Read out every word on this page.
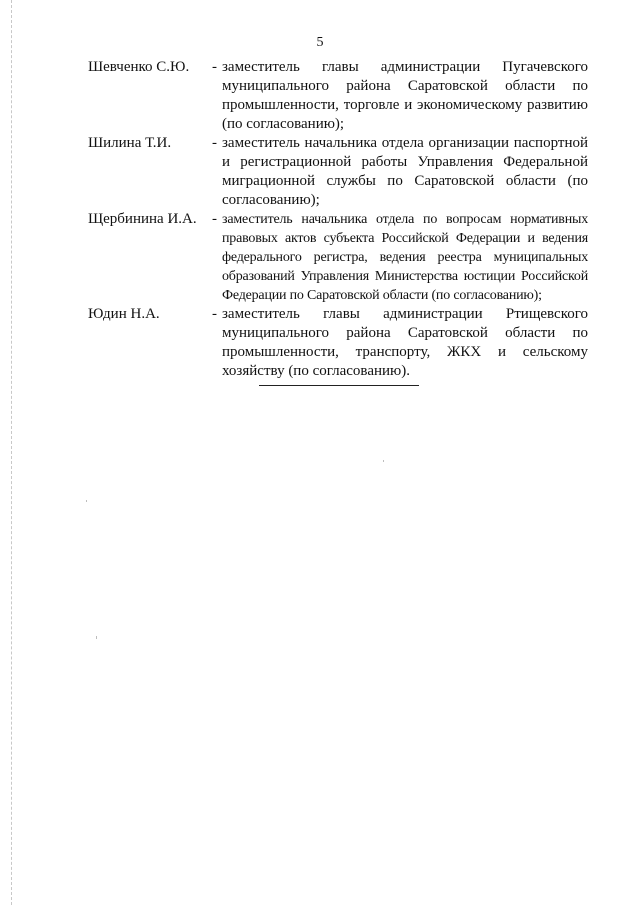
5
Шевченко С.Ю.	- заместитель главы администрации Пугачевского муниципального района Саратовской области по промышленности, торговле и экономическому развитию (по согласованию);
Шилина Т.И.	- заместитель начальника отдела организации паспортной и регистрационной работы Управления Федеральной миграционной службы по Саратовской области (по согласованию);
Щербинина И.А.	- заместитель начальника отдела по вопросам нормативных правовых актов субъекта Российской Федерации и ведения федерального регистра, ведения реестра муниципальных образований Управления Министерства юстиции Российской Федерации по Саратовской области (по согласованию);
Юдин Н.А.	- заместитель главы администрации Ртищевского муниципального района Саратовской области по промышленности, транспорту, ЖКХ и сельскому хозяйству (по согласованию).
